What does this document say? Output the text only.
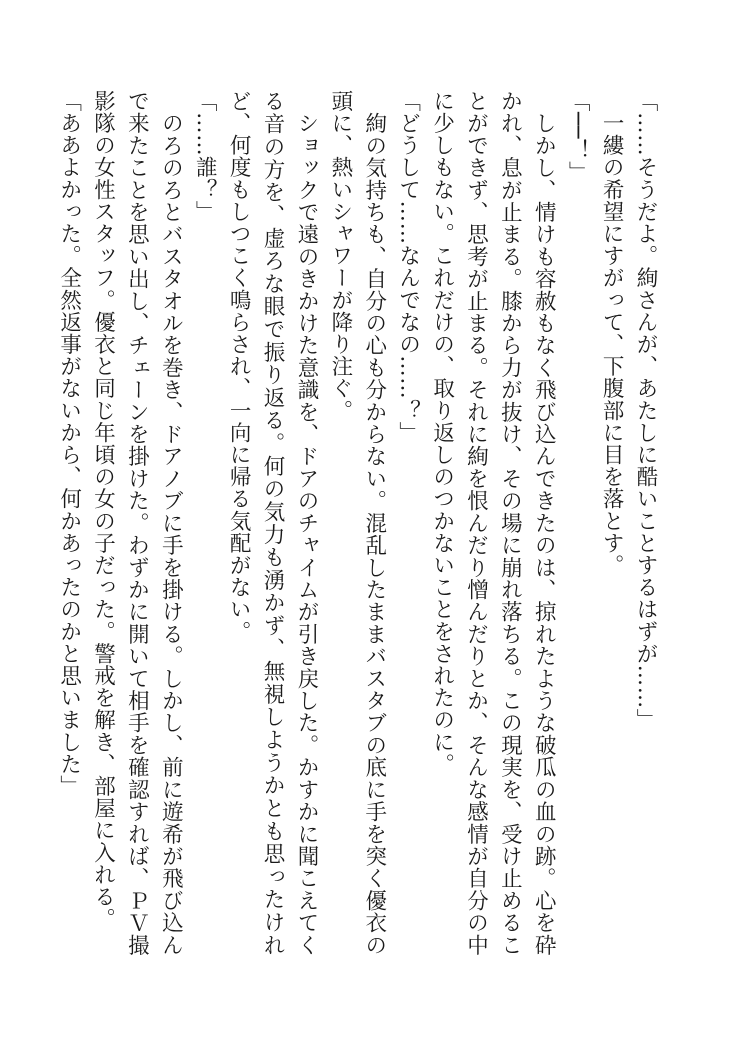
「……そうだよ。絢さんが、あたしに酷いことするはずが……」

　一縷の希望にすがって、下腹部に目を落とす。

「──！」

　しかし、情けも容赦もなく飛び込んできたのは、掠れたような破瓜の血の跡。心を砕かれ、息が止まる。膝から力が抜け、その場に崩れ落ちる。この現実を、受け止めることができず、思考が止まる。それに絢を恨んだり憎んだりとか、そんな感情が自分の中に少しもない。これだけの、取り返しのつかないことをされたのに。

「どうして……なんでなの……？」

　絢の気持ちも、自分の心も分からない。混乱したままバスタブの底に手を突く優衣の頭に、熱いシャワーが降り注ぐ。

　ショックで遠のきかけた意識を、ドアのチャイムが引き戻した。かすかに聞こえてくる音の方を、虚ろな眼で振り返る。何の気力も湧かず、無視しようかとも思ったけれど、何度もしつこく鳴らされ、一向に帰る気配がない。

「……誰？」

　のろのろとバスタオルを巻き、ドアノブに手を掛ける。しかし、前に遊希が飛び込んで来たことを思い出し、チェーンを掛けた。わずかに開いて相手を確認すれば、ＰＶ撮影隊の女性スタッフ。優衣と同じ年頃の女の子だった。警戒を解き、部屋に入れる。

「ああよかった。全然返事がないから、何かあったのかと思いました」
